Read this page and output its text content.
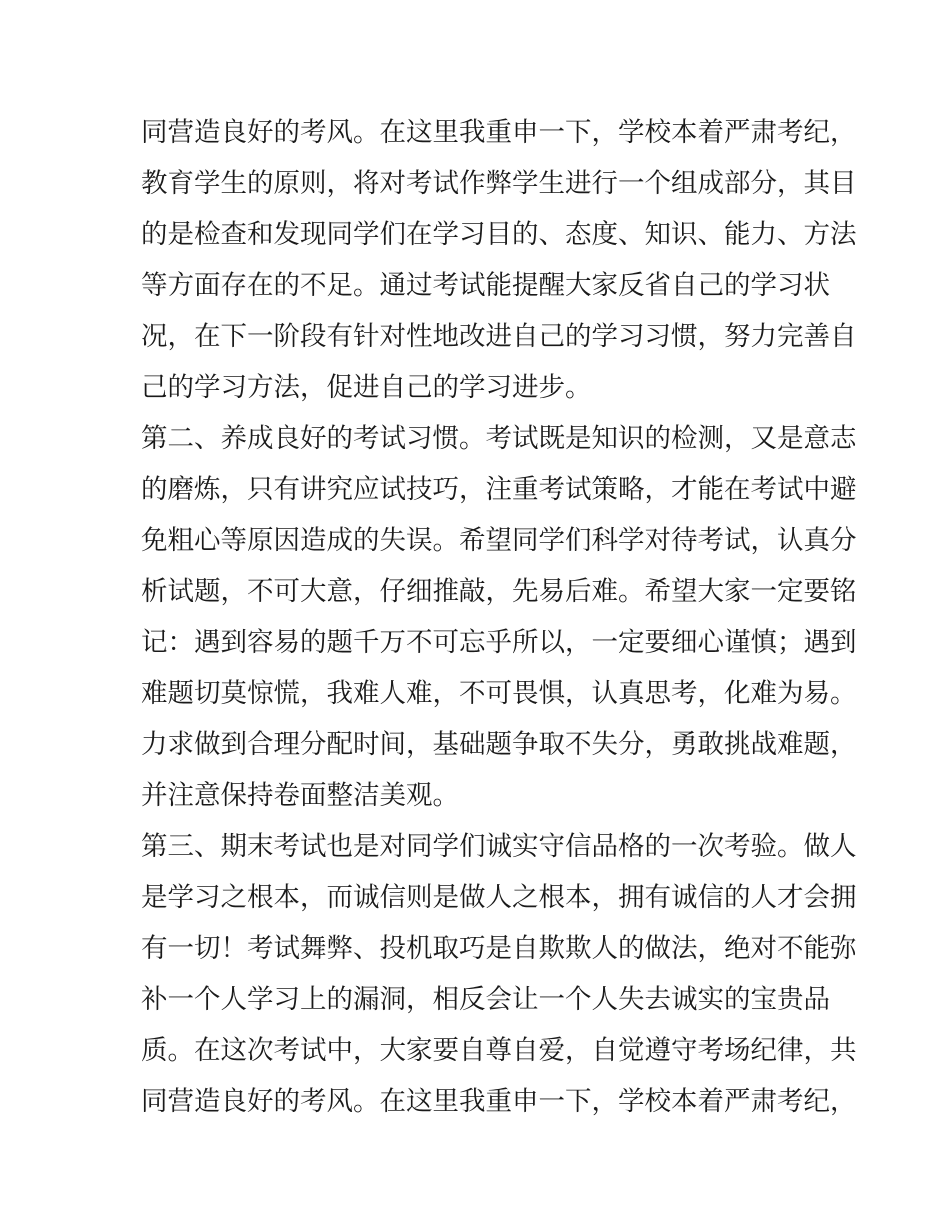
同营造良好的考风。在这里我重申一下，学校本着严肃考纪，
教育学生的原则，将对考试作弊学生进行一个组成部分，其目
的是检查和发现同学们在学习目的、态度、知识、能力、方法
等方面存在的不足。通过考试能提醒大家反省自己的学习状
况，在下一阶段有针对性地改进自己的学习习惯，努力完善自
己的学习方法，促进自己的学习进步。
第二、养成良好的考试习惯。考试既是知识的检测，又是意志
的磨炼，只有讲究应试技巧，注重考试策略，才能在考试中避
免粗心等原因造成的失误。希望同学们科学对待考试，认真分
析试题，不可大意，仔细推敲，先易后难。希望大家一定要铭
记：遇到容易的题千万不可忘乎所以，一定要细心谨慎；遇到
难题切莫惊慌，我难人难，不可畏惧，认真思考，化难为易。
力求做到合理分配时间，基础题争取不失分，勇敢挑战难题，
并注意保持卷面整洁美观。
第三、期末考试也是对同学们诚实守信品格的一次考验。做人
是学习之根本，而诚信则是做人之根本，拥有诚信的人才会拥
有一切！考试舞弊、投机取巧是自欺欺人的做法，绝对不能弥
补一个人学习上的漏洞，相反会让一个人失去诚实的宝贵品
质。在这次考试中，大家要自尊自爱，自觉遵守考场纪律，共
同营造良好的考风。在这里我重申一下，学校本着严肃考纪，
